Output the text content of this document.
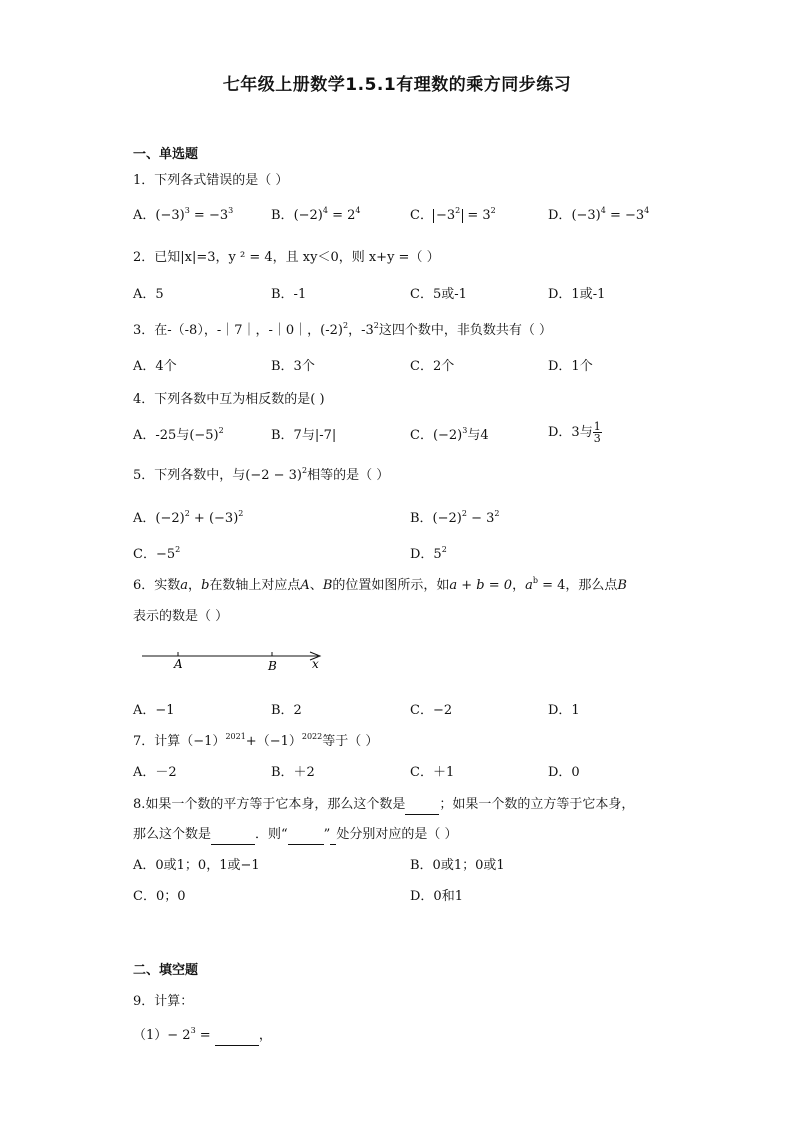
七年级上册数学1.5.1有理数的乘方同步练习
一、单选题
1．下列各式错误的是（ ）
A．$(-3)^3 = -3^3$	B．$(-2)^4 = 2^4$	C． $-3^2 = 3^2$	D．$(-3)^4 = -3^4$
2．已知|x|=3，y ² = 4，且 xy＜0，则 x+y =（ ）
A．5	B．-1	C．5或-1	D．1或-1
3．在-（-8），-｜7｜，-｜0｜，$(-2)^2$，$-3^2$这四个数中，非负数共有（ ）
A．4个	B．3个	C．2个	D．1个
4．下列各数中互为相反数的是( )
A．-25与$(-5)^2$	B．7与|-7|	C．$(-2)^3$与4	D．3与 $\frac{1}{3}$
5．下列各数中，与$(-2 - 3)^2$相等的是（ ）
A．$(-2)^2 + (-3)^2$	B．$(-2)^2 - 3^2$
C．$-5^2$	D．$5^2$
6．实数a，b在数轴上对应点A、B的位置如图所示，如a + b = 0，$a^b = 4$，那么点B
表示的数是（ ）
A	B	x
A．−1	B．2	C．−2	D．1
7．计算$(-1)^{2021}+(-1)^{2022}$等于（ ）
A．－2	B．＋2	C．＋1	D．0
8.如果一个数的平方等于它本身，那么这个数是	；如果一个数的立方等于它本身，
那么这个数是	．则“	” 处分别对应的是（ ）
A．0或1；0，1或−1	B．0或1；0或1
C．0；0	D．0和1
二、填空题
9．计算：
$(1)- 2^3$ =	，
